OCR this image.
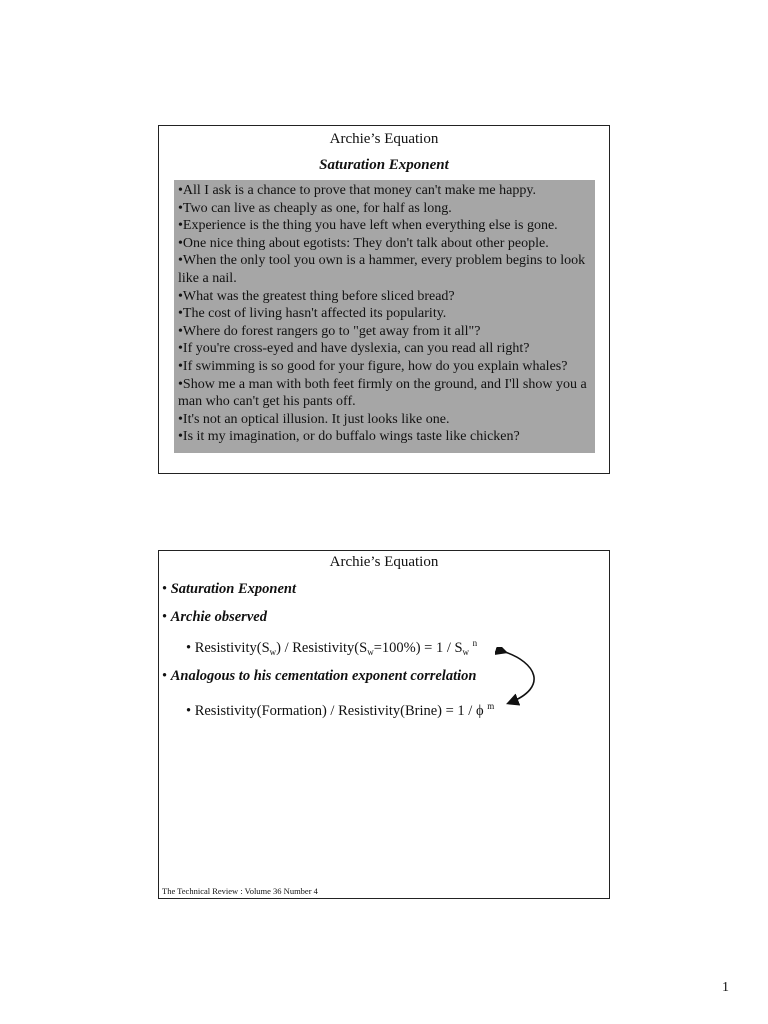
Archie’s Equation
Saturation Exponent

•All I ask is a chance to prove that money can't make me happy.

•Two can live as cheaply as one, for half as long.

•Experience is the thing you have left when everything else is gone.

•One nice thing about egotists: They don't talk about other people.

•When the only tool you own is a hammer, every problem begins to look like a nail.

•What was the greatest thing before sliced bread?

•The cost of living hasn't affected its popularity.

•Where do forest rangers go to "get away from it all"?

•If you're cross-eyed and have dyslexia, can you read all right?

•If swimming is so good for your figure, how do you explain whales?

•Show me a man with both feet firmly on the ground, and I'll show you a man who can't get his pants off.

•It's not an optical illusion. It just looks like one.

•Is it my imagination, or do buffalo wings taste like chicken?

Archie’s Equation
• Saturation Exponent
• Archie observed
• $Resistivity(S_w)$ / $Resistivity(S_w=100\%) = 1 / S_w$ $^n$
• Analogous to his cementation exponent correlation
• Resistivity(Formation) / Resistivity(Brine) = 1 / ϕ $^m$
The Technical Review : Volume 36 Number 4
1
